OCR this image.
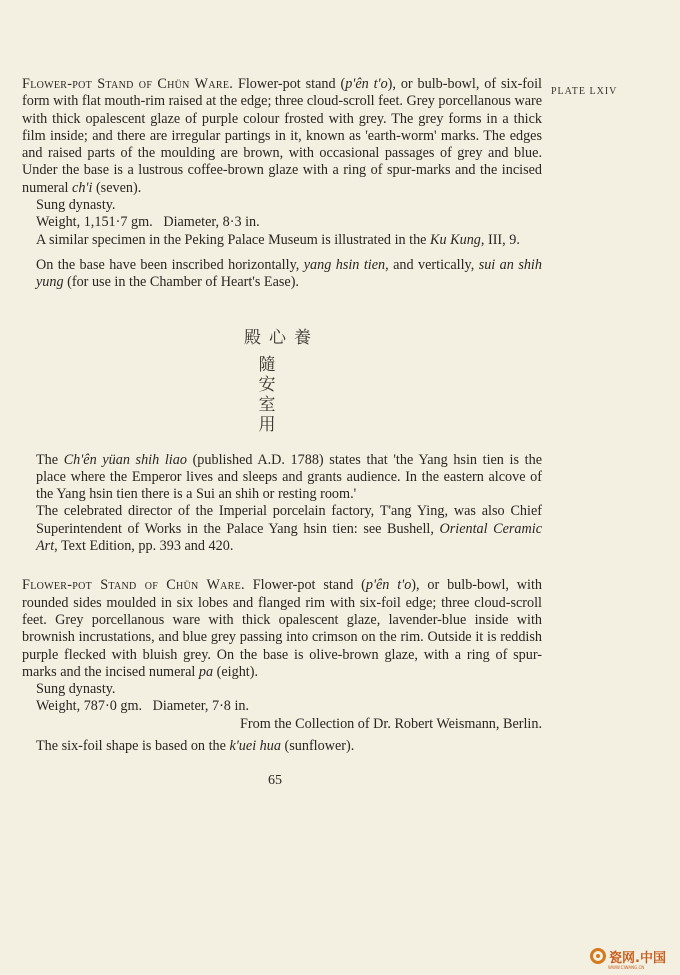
PLATE LXIV

Flower-pot Stand of Chün Ware. Flower-pot stand (p'ên t'o), or bulb-bowl, of six-foil form with flat mouth-rim raised at the edge; three cloud-scroll feet. Grey porcellanous ware with thick opalescent glaze of purple colour frosted with grey. The grey forms in a thick film inside; and there are irregular partings in it, known as 'earth-worm' marks. The edges and raised parts of the moulding are brown, with occasional passages of grey and blue. Under the base is a lustrous coffee-brown glaze with a ring of spur-marks and the incised numeral ch'i (seven).

Sung dynasty.

Weight, 1,151·7 gm.   Diameter, 8·3 in.

A similar specimen in the Peking Palace Museum is illustrated in the Ku Kung, III, 9.

On the base have been inscribed horizontally, yang hsin tien, and vertically, sui an shih yung (for use in the Chamber of Heart's Ease).

The Ch'ên yüan shih liao (published A.D. 1788) states that 'the Yang hsin tien is the place where the Emperor lives and sleeps and grants audience. In the eastern alcove of the Yang hsin tien there is a Sui an shih or resting room.'

The celebrated director of the Imperial porcelain factory, T'ang Ying, was also Chief Superintendent of Works in the Palace Yang hsin tien: see Bushell, Oriental Ceramic Art, Text Edition, pp. 393 and 420.

Flower-pot Stand of Chün Ware. Flower-pot stand (p'ên t'o), or bulb-bowl, with rounded sides moulded in six lobes and flanged rim with six-foil edge; three cloud-scroll feet. Grey porcellanous ware with thick opalescent glaze, lavender-blue inside with brownish incrustations, and blue grey passing into crimson on the rim. Outside it is reddish purple flecked with bluish grey. On the base is olive-brown glaze, with a ring of spur-marks and the incised numeral pa (eight).

Sung dynasty.

Weight, 787·0 gm.   Diameter, 7·8 in.

From the Collection of Dr. Robert Weismann, Berlin.

The six-foil shape is based on the k'uei hua (sunflower).

殿心養
隨
安
室
用
65
瓷网.中国
WWW.CIWANG.CN
